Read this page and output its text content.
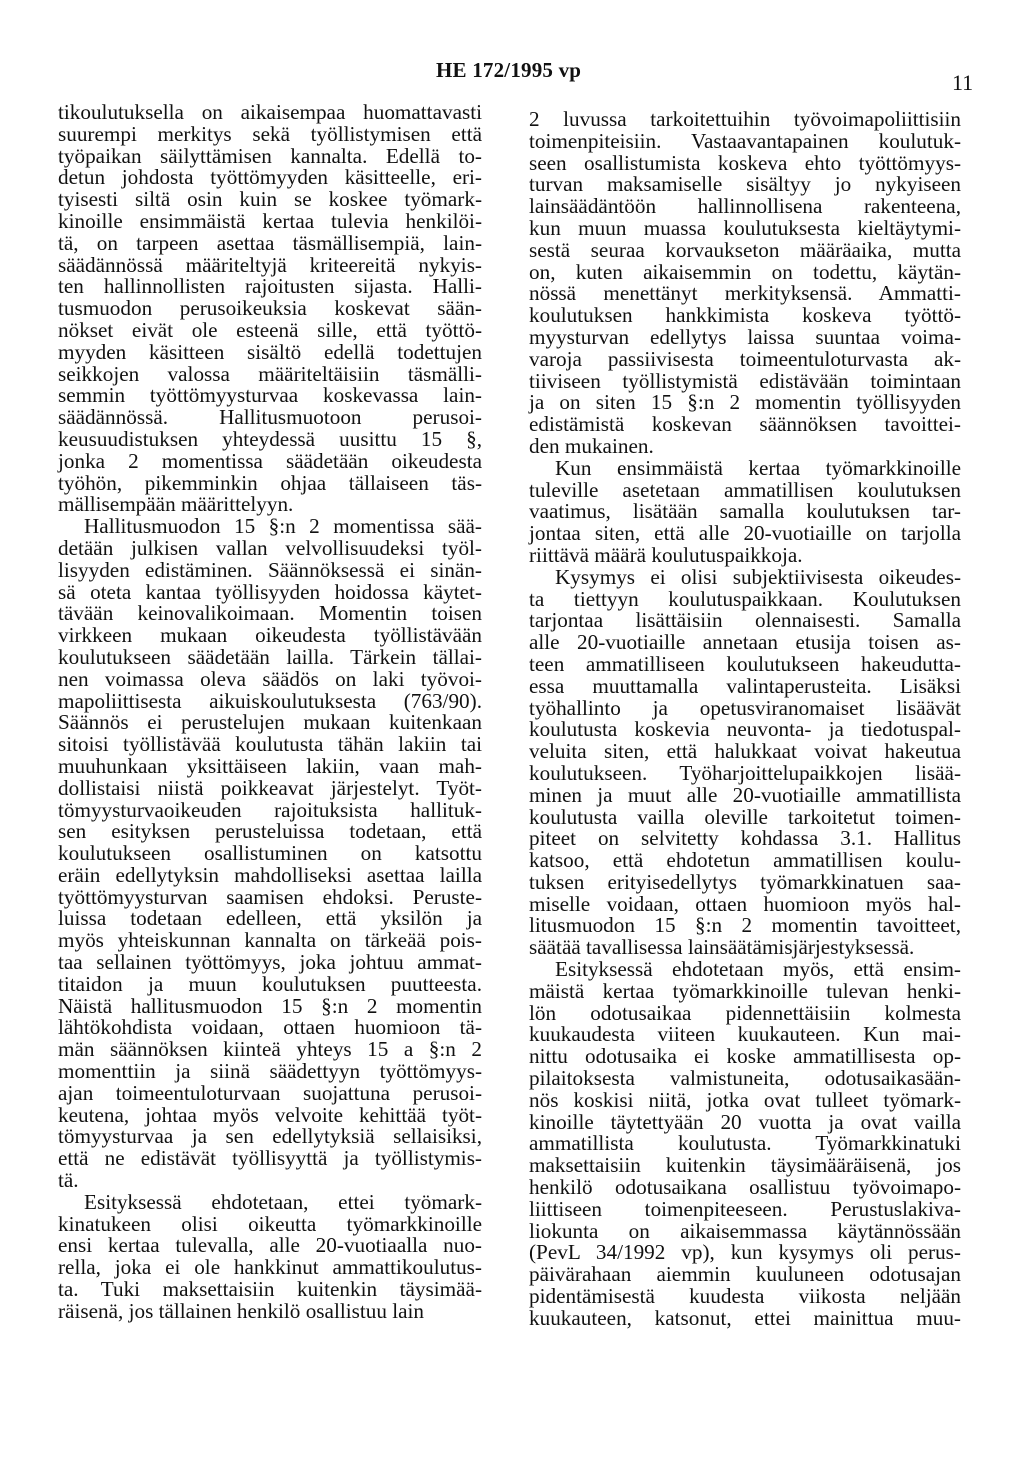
HE 172/1995 vp	11
tikoulutuksella on aikaisempaa huomattavasti
suurempi merkitys sekä työllistymisen että
työpaikan säilyttämisen kannalta. Edellä to-
detun johdosta työttömyyden käsitteelle, eri-
tyisesti siltä osin kuin se koskee työmark-
kinoille ensimmäistä kertaa tulevia henkilöi-
tä, on tarpeen asettaa täsmällisempiä, lain-
säädännössä määriteltyjä kriteereitä nykyis-
ten hallinnollisten rajoitusten sijasta. Halli-
tusmuodon perusoikeuksia koskevat sään-
nökset eivät ole esteenä sille, että työttö-
myyden käsitteen sisältö edellä todettujen
seikkojen valossa määriteltäisiin täsmälli-
semmin työttömyysturvaa koskevassa lain-
säädännössä. Hallitusmuotoon perusoi-
keusuudistuksen yhteydessä uusittu 15 §,
jonka 2 momentissa säädetään oikeudesta
työhön, pikemminkin ohjaa tällaiseen täs-
mällisempään määrittelyyn.
Hallitusmuodon 15 §:n 2 momentissa sää-
detään julkisen vallan velvollisuudeksi työl-
lisyyden edistäminen. Säännöksessä ei sinän-
sä oteta kantaa työllisyyden hoidossa käytet-
tävään keinovalikoimaan. Momentin toisen
virkkeen mukaan oikeudesta työllistävään
koulutukseen säädetään lailla. Tärkein tällai-
nen voimassa oleva säädös on laki työvoi-
mapoliittisesta aikuiskoulutuksesta (763/90).
Säännös ei perustelujen mukaan kuitenkaan
sitoisi työllistävää koulutusta tähän lakiin tai
muuhunkaan yksittäiseen lakiin, vaan mah-
dollistaisi niistä poikkeavat järjestelyt. Työt-
tömyysturvaoikeuden rajoituksista hallituk-
sen esityksen perusteluissa todetaan, että
koulutukseen osallistuminen on katsottu
eräin edellytyksin mahdolliseksi asettaa lailla
työttömyysturvan saamisen ehdoksi. Peruste-
luissa todetaan edelleen, että yksilön ja
myös yhteiskunnan kannalta on tärkeää pois-
taa sellainen työttömyys, joka johtuu ammat-
titaidon ja muun koulutuksen puutteesta.
Näistä hallitusmuodon 15 §:n 2 momentin
lähtökohdista voidaan, ottaen huomioon tä-
män säännöksen kiinteä yhteys 15 a §:n 2
momenttiin ja siinä säädettyyn työttömyys-
ajan toimeentuloturvaan suojattuna perusoi-
keutena, johtaa myös velvoite kehittää työt-
tömyysturvaa ja sen edellytyksiä sellaisiksi,
että ne edistävät työllisyyttä ja työllistymis-
tä.
Esityksessä ehdotetaan, ettei työmark-
kinatukeen olisi oikeutta työmarkkinoille
ensi kertaa tulevalla, alle 20-vuotiaalla nuo-
rella, joka ei ole hankkinut ammattikoulutus-
ta. Tuki maksettaisiin kuitenkin täysimää-
räisenä, jos tällainen henkilö osallistuu lain
2 luvussa tarkoitettuihin työvoimapoliittisiin
toimenpiteisiin. Vastaavantapainen koulutuk-
seen osallistumista koskeva ehto työttömyys-
turvan maksamiselle sisältyy jo nykyiseen
lainsäädäntöön hallinnollisena rakenteena,
kun muun muassa koulutuksesta kieltäytymi-
sestä seuraa korvaukseton määräaika, mutta
on, kuten aikaisemmin on todettu, käytän-
nössä menettänyt merkityksensä. Ammatti-
koulutuksen hankkimista koskeva työttö-
myysturvan edellytys laissa suuntaa voima-
varoja passiivisesta toimeentuloturvasta ak-
tiiviseen työllistymistä edistävään toimintaan
ja on siten 15 §:n 2 momentin työllisyyden
edistämistä koskevan säännöksen tavoittei-
den mukainen.
Kun ensimmäistä kertaa työmarkkinoille
tuleville asetetaan ammatillisen koulutuksen
vaatimus, lisätään samalla koulutuksen tar-
jontaa siten, että alle 20-vuotiaille on tarjolla
riittävä määrä koulutuspaikkoja.
Kysymys ei olisi subjektiivisesta oikeudes-
ta tiettyyn koulutuspaikkaan. Koulutuksen
tarjontaa lisättäisiin olennaisesti. Samalla
alle 20-vuotiaille annetaan etusija toisen as-
teen ammatilliseen koulutukseen hakeudutta-
essa muuttamalla valintaperusteita. Lisäksi
työhallinto ja opetusviranomaiset lisäävät
koulutusta koskevia neuvonta- ja tiedotuspal-
veluita siten, että halukkaat voivat hakeutua
koulutukseen. Työharjoittelupaikkojen lisää-
minen ja muut alle 20-vuotiaille ammatillista
koulutusta vailla oleville tarkoitetut toimen-
piteet on selvitetty kohdassa 3.1. Hallitus
katsoo, että ehdotetun ammatillisen koulu-
tuksen erityisedellytys työmarkkinatuen saa-
miselle voidaan, ottaen huomioon myös hal-
litusmuodon 15 §:n 2 momentin tavoitteet,
säätää tavallisessa lainsäätämisjärjestyksessä.
Esityksessä ehdotetaan myös, että ensim-
mäistä kertaa työmarkkinoille tulevan henki-
lön odotusaikaa pidennettäisiin kolmesta
kuukaudesta viiteen kuukauteen. Kun mai-
nittu odotusaika ei koske ammatillisesta op-
pilaitoksesta valmistuneita, odotusaikasään-
nös koskisi niitä, jotka ovat tulleet työmark-
kinoille täytettyään 20 vuotta ja ovat vailla
ammatillista koulutusta. Työmarkkinatuki
maksettaisiin kuitenkin täysimääräisenä, jos
henkilö odotusaikana osallistuu työvoimapo-
liittiseen toimenpiteeseen. Perustuslakiva-
liokunta on aikaisemmassa käytännössään
(PevL 34/1992 vp), kun kysymys oli perus-
päivärahaan aiemmin kuuluneen odotusajan
pidentämisestä kuudesta viikosta neljään
kuukauteen, katsonut, ettei mainittua muu-
